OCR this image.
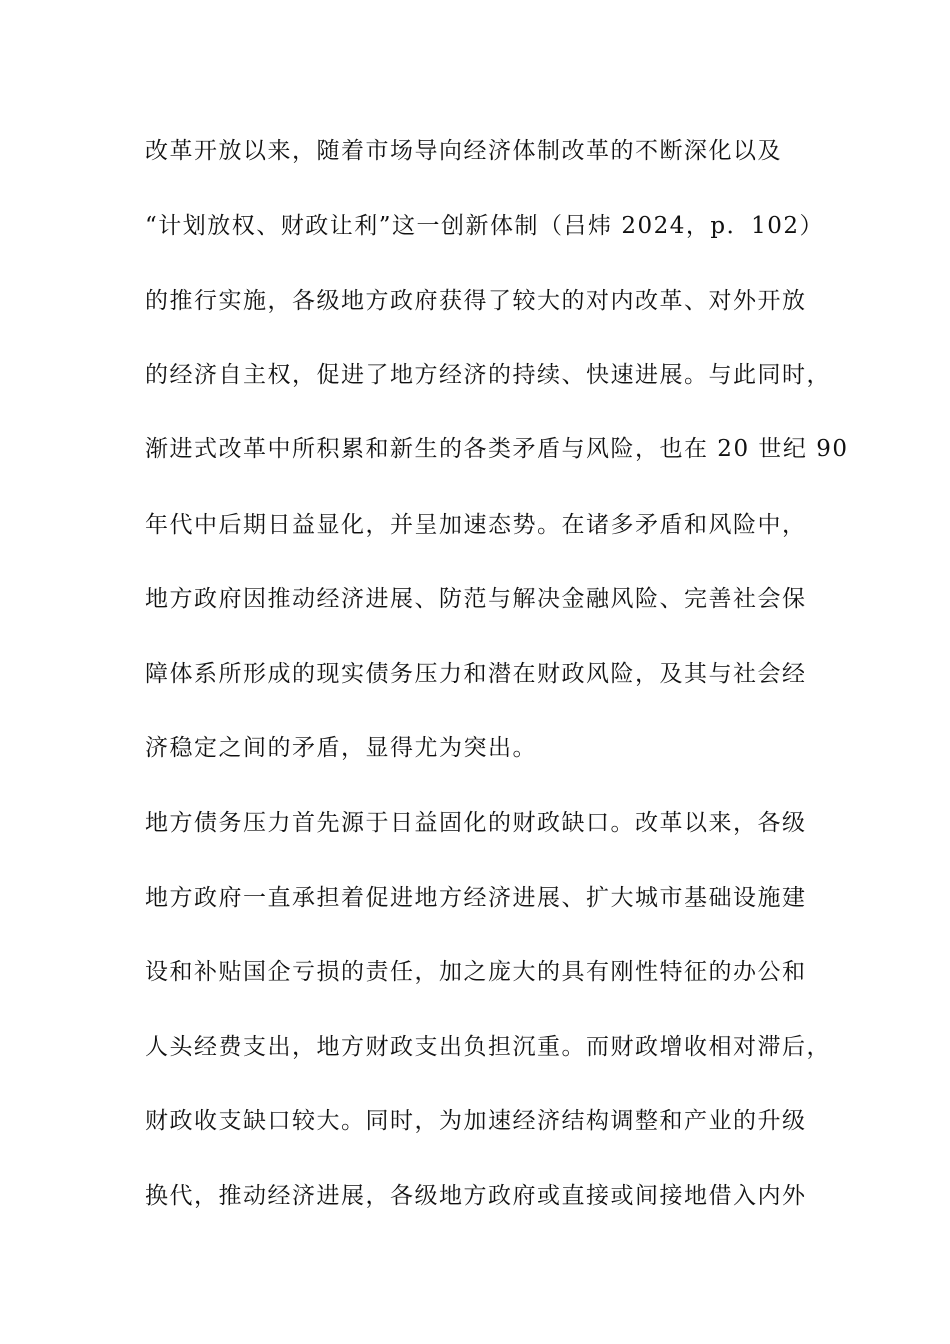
改革开放以来，随着市场导向经济体制改革的不断深化以及
“计划放权、财政让利”这一创新体制（吕炜 2024，p．102）
的推行实施，各级地方政府获得了较大的对内改革、对外开放
的经济自主权，促进了地方经济的持续、快速进展。与此同时，
渐进式改革中所积累和新生的各类矛盾与风险，也在 20 世纪 90
年代中后期日益显化，并呈加速态势。在诸多矛盾和风险中，
地方政府因推动经济进展、防范与解决金融风险、完善社会保
障体系所形成的现实债务压力和潜在财政风险，及其与社会经
济稳定之间的矛盾，显得尤为突出。
地方债务压力首先源于日益固化的财政缺口。改革以来，各级
地方政府一直承担着促进地方经济进展、扩大城市基础设施建
设和补贴国企亏损的责任，加之庞大的具有刚性特征的办公和
人头经费支出，地方财政支出负担沉重。而财政增收相对滞后，
财政收支缺口较大。同时，为加速经济结构调整和产业的升级
换代，推动经济进展，各级地方政府或直接或间接地借入内外
